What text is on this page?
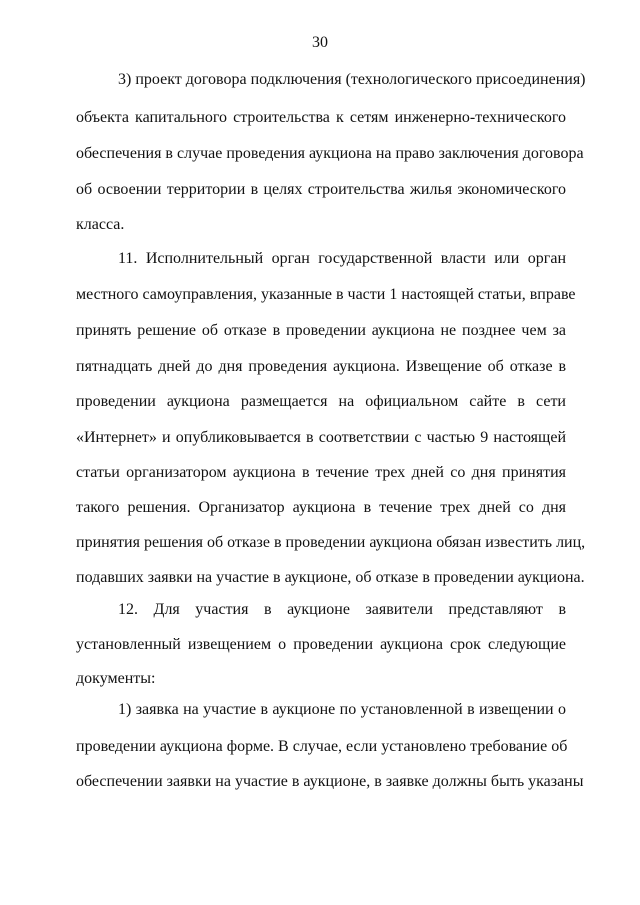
30
3) проект договора подключения (технологического присоединения)
объекта капитального строительства к сетям инженерно-технического
обеспечения в случае проведения аукциона на право заключения договора
об освоении территории в целях строительства жилья экономического
класса.
11. Исполнительный орган государственной власти или орган
местного самоуправления, указанные в части 1 настоящей статьи, вправе
принять решение об отказе в проведении аукциона не позднее чем за
пятнадцать дней до дня проведения аукциона. Извещение об отказе в
проведении аукциона размещается на официальном сайте в сети
«Интернет» и опубликовывается в соответствии с частью 9 настоящей
статьи организатором аукциона в течение трех дней со дня принятия
такого решения. Организатор аукциона в течение трех дней со дня
принятия решения об отказе в проведении аукциона обязан известить лиц,
подавших заявки на участие в аукционе, об отказе в проведении аукциона.
12. Для участия в аукционе заявители представляют в
установленный извещением о проведении аукциона срок следующие
документы:
1) заявка на участие в аукционе по установленной в извещении о
проведении аукциона форме. В случае, если установлено требование об
обеспечении заявки на участие в аукционе, в заявке должны быть указаны
